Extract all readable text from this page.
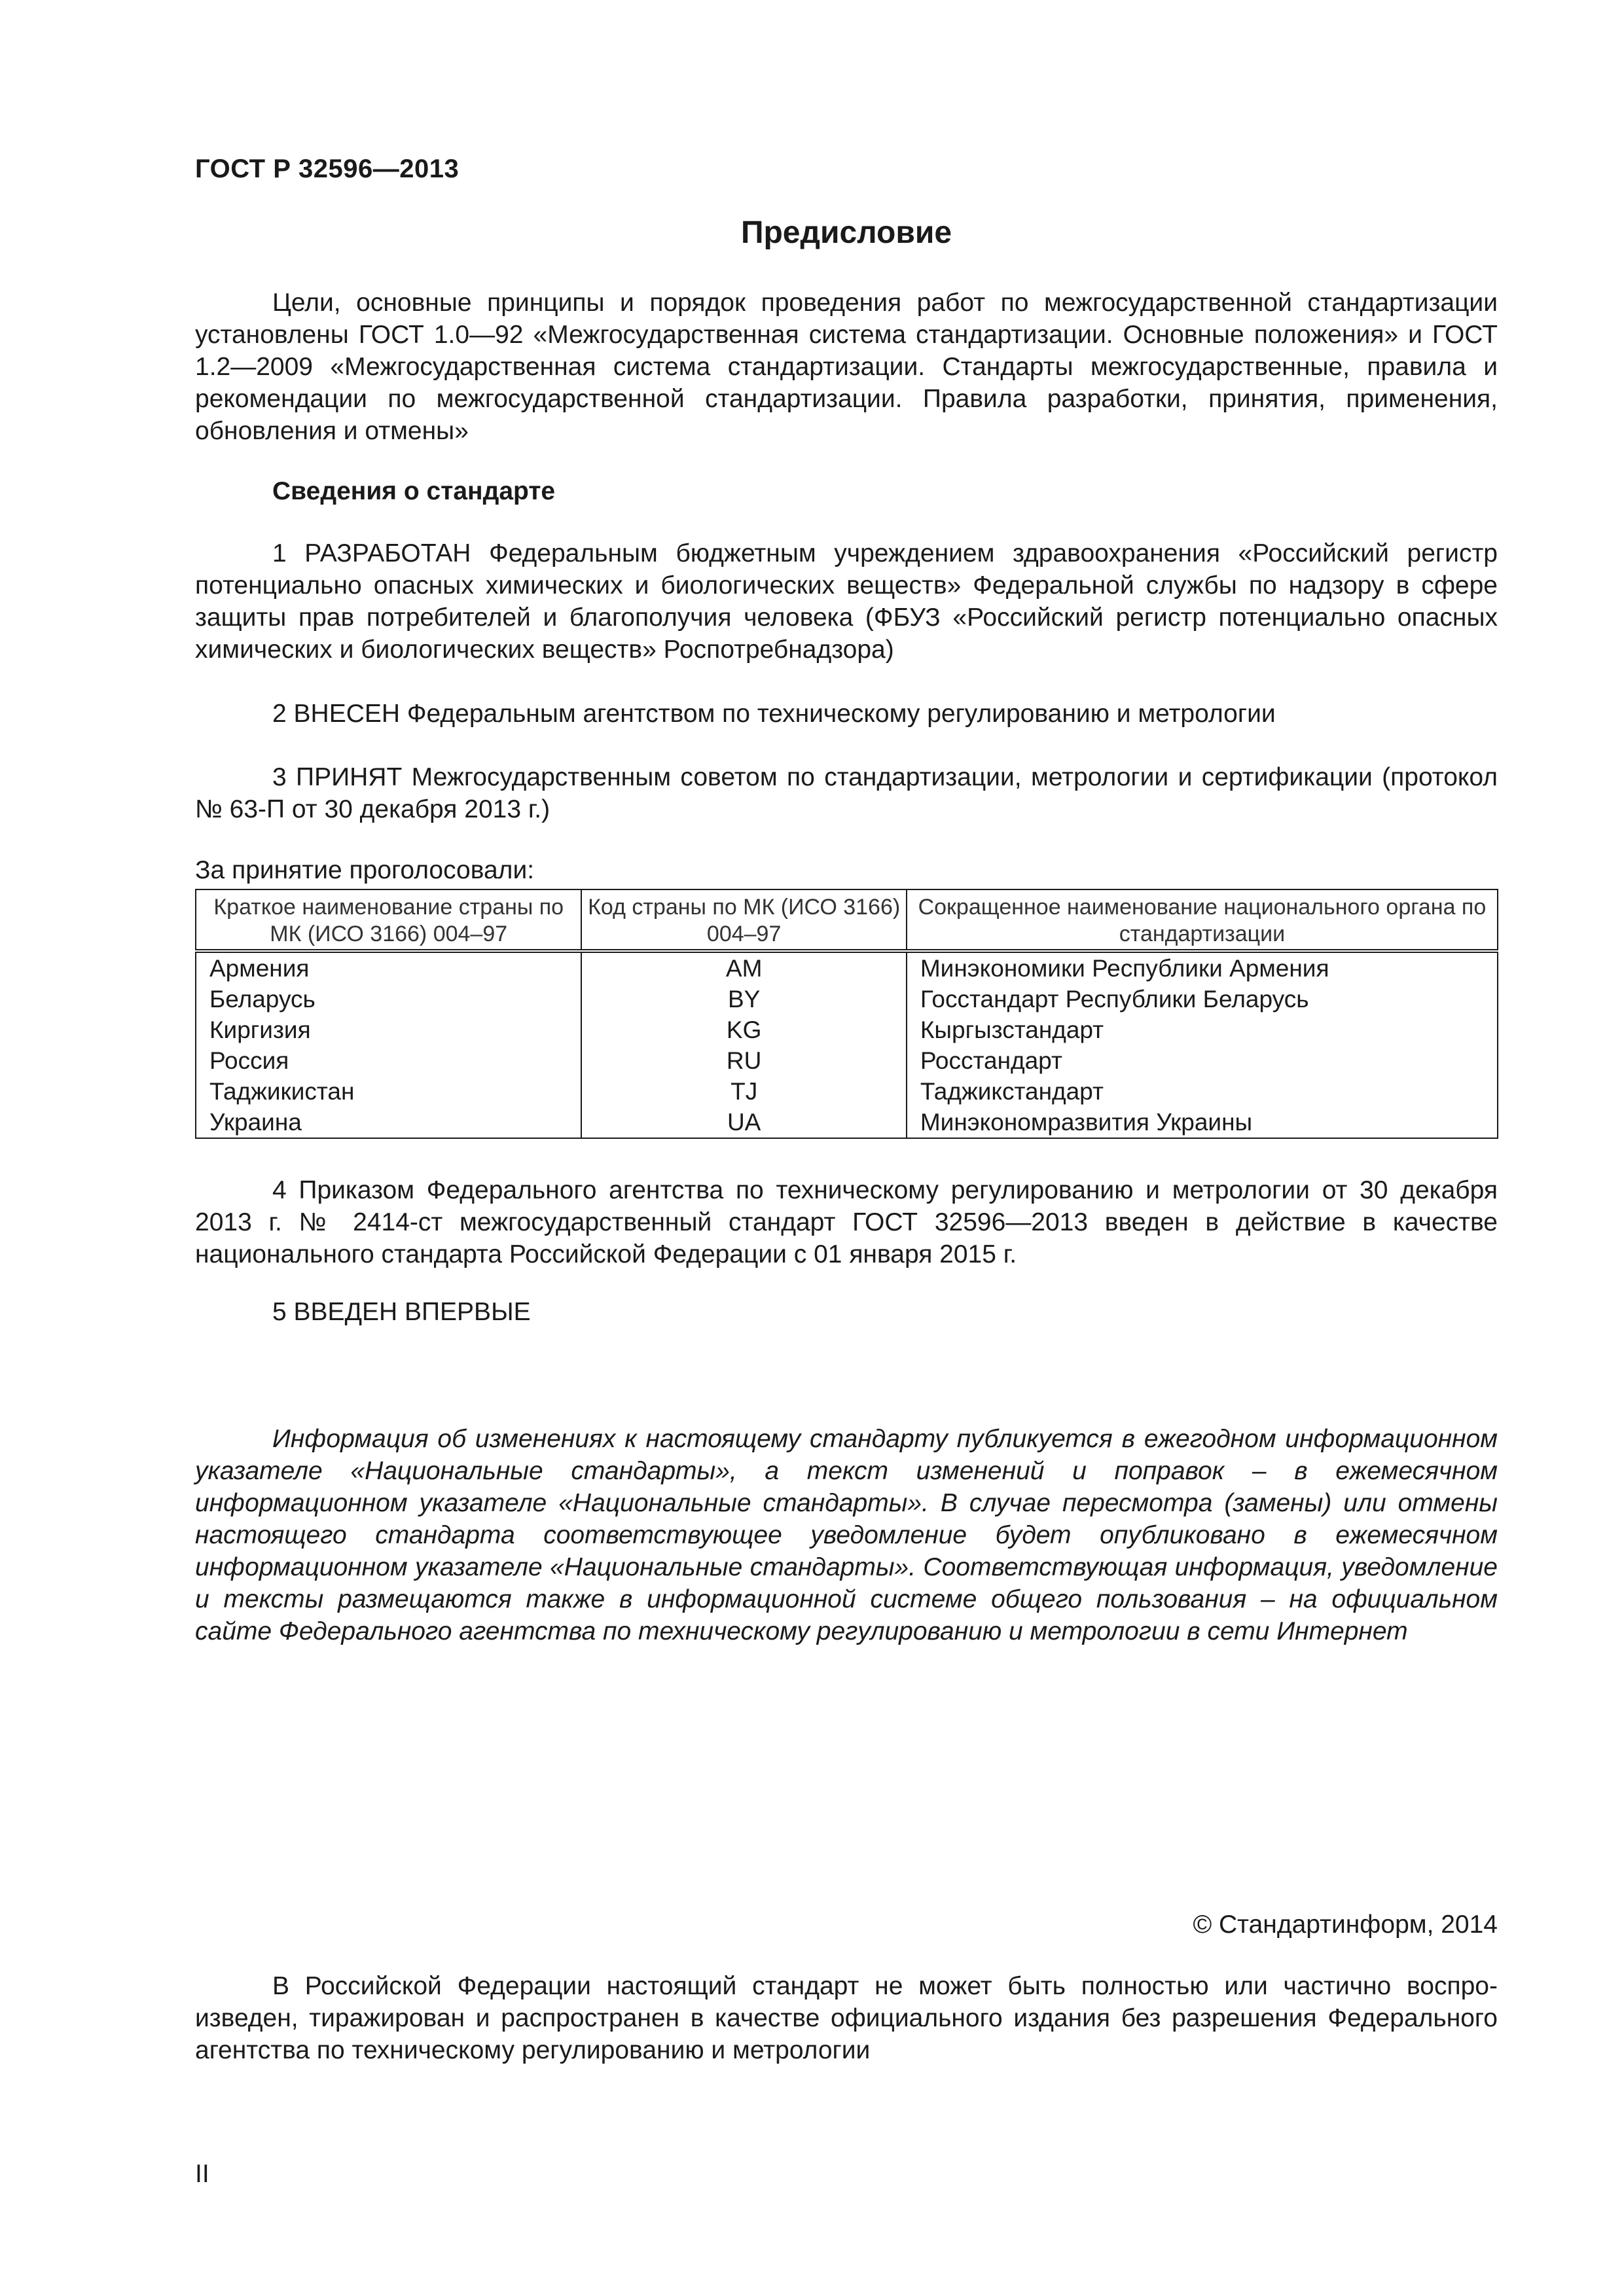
ГОСТ Р 32596—2013
Предисловие

Цели, основные принципы и порядок проведения работ по межгосударственной стандартизации установлены ГОСТ 1.0—92 «Межгосударственная система стандартизации. Основные положения» и ГОСТ 1.2—2009 «Межгосударственная система стандартизации. Стандарты межгосударственные, правила и рекомендации по межгосударственной стандартизации. Правила разработки, принятия, применения, обновления и отмены»

Сведения о стандарте

1 РАЗРАБОТАН Федеральным бюджетным учреждением здравоохранения «Российский регистр потенциально опасных химических и биологических веществ» Федеральной службы по надзору в сфере защиты прав потребителей и благополучия человека (ФБУЗ «Российский регистр потенциально опасных химических и биологических веществ» Роспотребнадзора)

2 ВНЕСЕН Федеральным агентством по техническому регулированию и метрологии

3 ПРИНЯТ Межгосударственным советом по стандартизации, метрологии и сертификации (протокол № 63-П от 30 декабря 2013 г.)

За принятие проголосовали:
Краткое наименование страны по МК (ИСО 3166) 004–97	Код страны по МК (ИСО 3166) 004–97	Сокращенное наименование национального органа по стандартизации
Армения	AM	Минэкономики Республики Армения
Беларусь	BY	Госстандарт Республики Беларусь
Киргизия	KG	Кыргызстандарт
Россия	RU	Росстандарт
Таджикистан	TJ	Таджикстандарт
Украина	UA	Минэкономразвития Украины

4 Приказом Федерального агентства по техническому регулированию и метрологии от 30 декабря 2013 г. № 2414-ст межгосударственный стандарт ГОСТ 32596—2013 введен в действие в качестве национального стандарта Российской Федерации с 01 января 2015 г.

5 ВВЕДЕН ВПЕРВЫЕ

Информация об изменениях к настоящему стандарту публикуется в ежегодном информационном указателе «Национальные стандарты», а текст изменений и поправок – в ежемесячном информационном указателе «Национальные стандарты». В случае пересмотра (замены) или отмены настоящего стандарта соответствующее уведомление будет опубликовано в ежемесячном информационном указателе «Национальные стандарты». Соответствующая информация, уведомление и тексты размещаются также в информационной системе общего пользования – на официальном сайте Федерального агентства по техническому регулированию и метрологии в сети Интернет

© Стандартинформ, 2014

В Российской Федерации настоящий стандарт не может быть полностью или частично воспроизведен, тиражирован и распространен в качестве официального издания без разрешения Федерального агентства по техническому регулированию и метрологии

II
